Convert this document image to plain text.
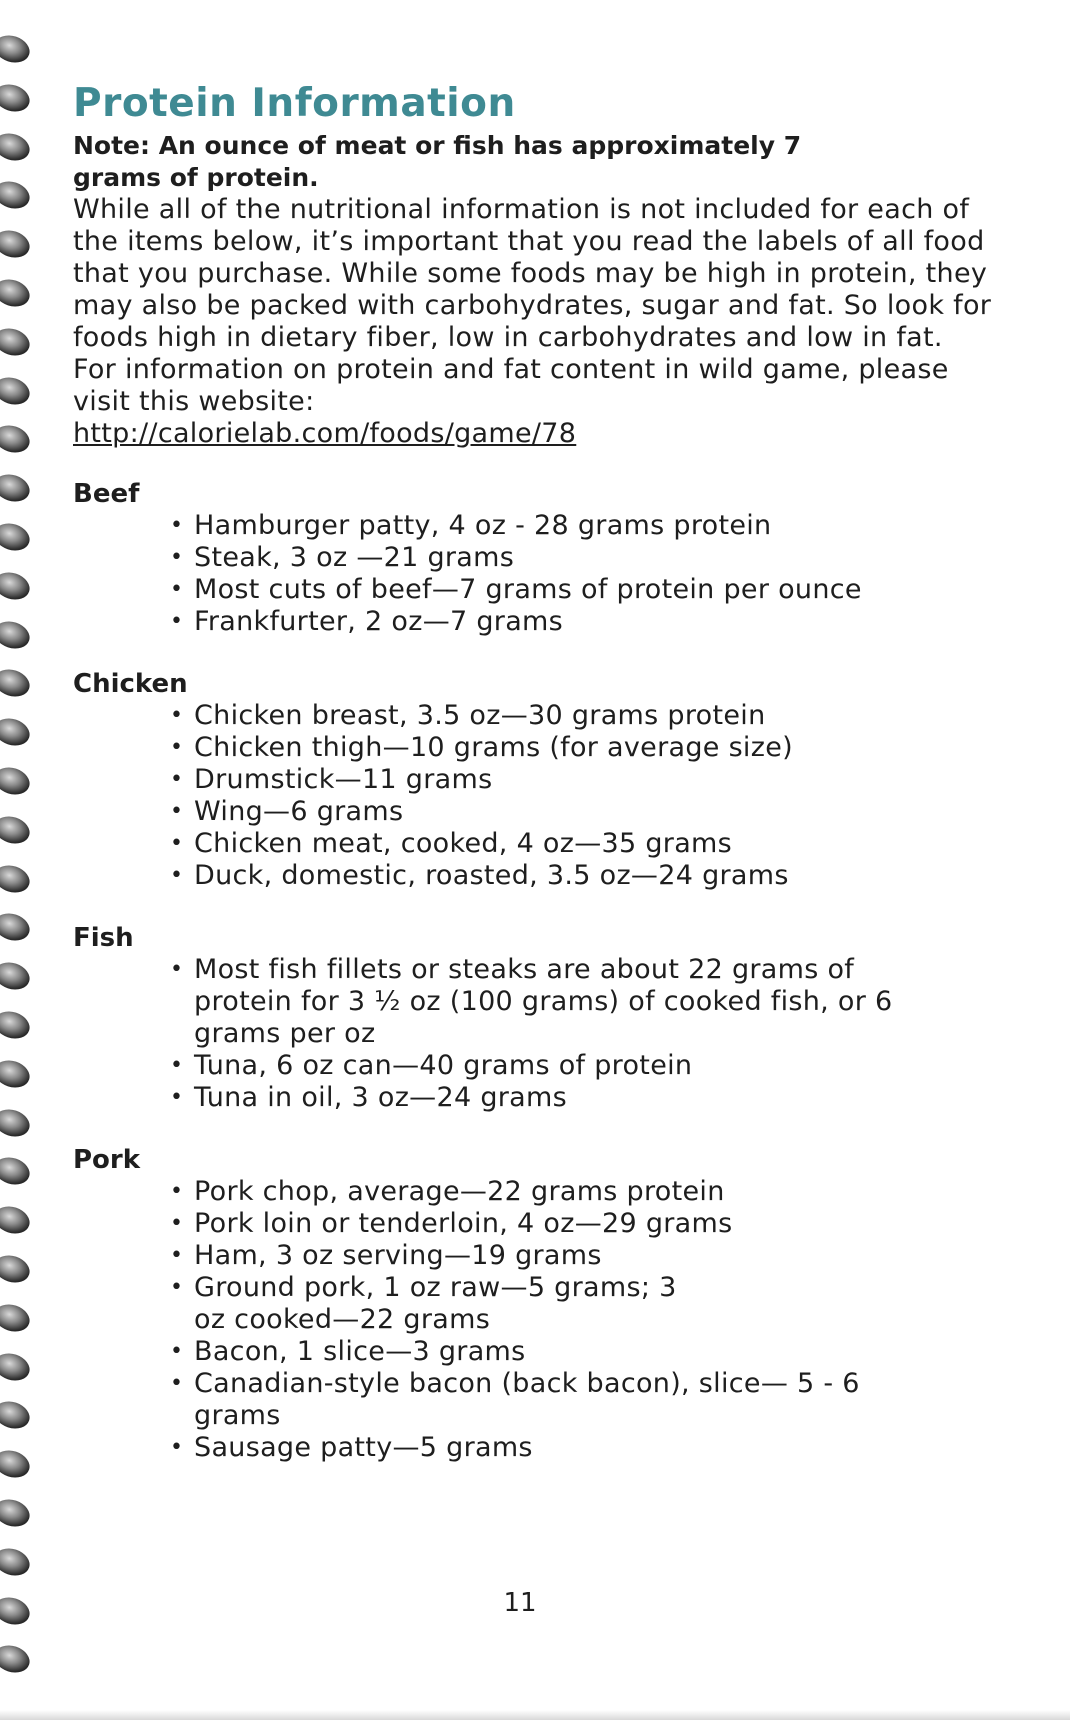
Protein Information

Note: An ounce of meat or fish has approximately 7 grams of protein.

While all of the nutritional information is not included for each of the items below, it’s important that you read the labels of all food that you purchase. While some foods may be high in protein, they may also be packed with carbohydrates, sugar and fat. So look for foods high in dietary fiber, low in carbohydrates and low in fat.

For information on protein and fat content in wild game, please visit this website:
http://calorielab.com/foods/game/78

Beef
• Hamburger patty, 4 oz - 28 grams protein
• Steak, 3 oz —21 grams
• Most cuts of beef—7 grams of protein per ounce
• Frankfurter, 2 oz—7 grams
Chicken
• Chicken breast, 3.5 oz—30 grams protein
• Chicken thigh—10 grams (for average size)
• Drumstick—11 grams
• Wing—6 grams
• Chicken meat, cooked, 4 oz—35 grams
• Duck, domestic, roasted, 3.5 oz—24 grams
Fish
• Most fish fillets or steaks are about 22 grams of protein for 3 ½ oz (100 grams) of cooked fish, or 6 grams per oz
• Tuna, 6 oz can—40 grams of protein
• Tuna in oil, 3 oz—24 grams
Pork
• Pork chop, average—22 grams protein
• Pork loin or tenderloin, 4 oz—29 grams
• Ham, 3 oz serving—19 grams
• Ground pork, 1 oz raw—5 grams; 3 oz cooked—22 grams
• Bacon, 1 slice—3 grams
• Canadian-style bacon (back bacon), slice— 5 - 6 grams
• Sausage patty—5 grams
11
